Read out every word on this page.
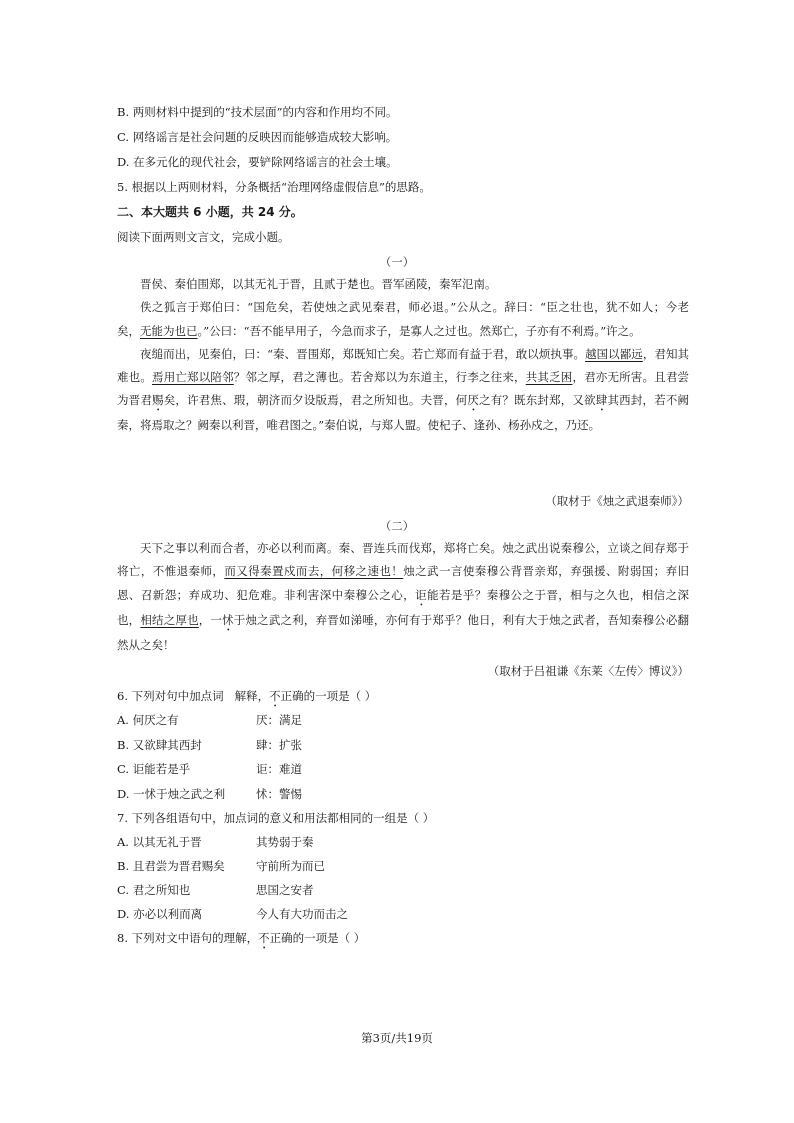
B. 两则材料中提到的“技术层面”的内容和作用均不同。
C. 网络谣言是社会问题的反映因而能够造成较大影响。
D. 在多元化的现代社会，要铲除网络谣言的社会土壤。
5. 根据以上两则材料，分条概括“治理网络虚假信息”的思路。
二、本大题共 6 小题，共 24 分。
阅读下面两则文言文，完成小题。
（一）

晋侯、秦伯围郑，以其无礼于晋，且贰于楚也。晋军函陵，秦军氾南。

佚之狐言于郑伯曰：“国危矣，若使烛之武见秦君，师必退。”公从之。辞曰：“臣之壮也，犹不如人；今老矣，无能为也已。”公曰：“吾不能早用子，今急而求子，是寡人之过也。然郑亡，子亦有不利焉。”许之。

夜缒而出，见秦伯，曰：“秦、晋围郑，郑既知亡矣。若亡郑而有益于君，敢以烦执事。越国以鄙远，君知其难也。焉用亡郑以陪邻？邻之厚，君之薄也。若舍郑以为东道主，行李之往来，共其乏困，君亦无所害。且君尝为晋君赐矣，许君焦、瑕，朝济而夕设版焉，君之所知也。夫晋，何厌之有？既东封郑，又欲肆其西封，若不阙秦，将焉取之？阙秦以利晋，唯君图之。”秦伯说，与郑人盟。使杞子、逢孙、杨孙戍之，乃还。

（取材于《烛之武退秦师》）
（二）

天下之事以利而合者，亦必以利而离。秦、晋连兵而伐郑，郑将亡矣。烛之武出说秦穆公，立谈之间存郑于将亡，不惟退秦师，而又得秦置戍而去，何移之速也！烛之武一言使秦穆公背晋亲郑，弃强援、附弱国；弃旧恩、召新怨；弃成功、犯危难。非利害深中秦穆公之心，讵能若是乎？秦穆公之于晋，相与之久也，相信之深也，相结之厚也，一怵于烛之武之利，弃晋如涕唾，亦何有于郑乎？他日，利有大于烛之武者，吾知秦穆公必翻然从之矣！

（取材于吕祖谦《东莱〈左传〉博议》）
6. 下列对句中加点词 解释，不正确的一项是（ ）
A. 何厌之有	厌：满足
B. 又欲肆其西封	肆：扩张
C. 讵能若是乎	讵：难道
D. 一怵于烛之武之利	怵：警惕
7. 下列各组语句中，加点词的意义和用法都相同的一组是（ ）
A. 以其无礼于晋	其势弱于秦
B. 且君尝为晋君赐矣	守前所为而已
C. 君之所知也	思国之安者
D. 亦必以利而离	今人有大功而击之
8. 下列对文中语句的理解，不正确的一项是（ ）
第3页/共19页
